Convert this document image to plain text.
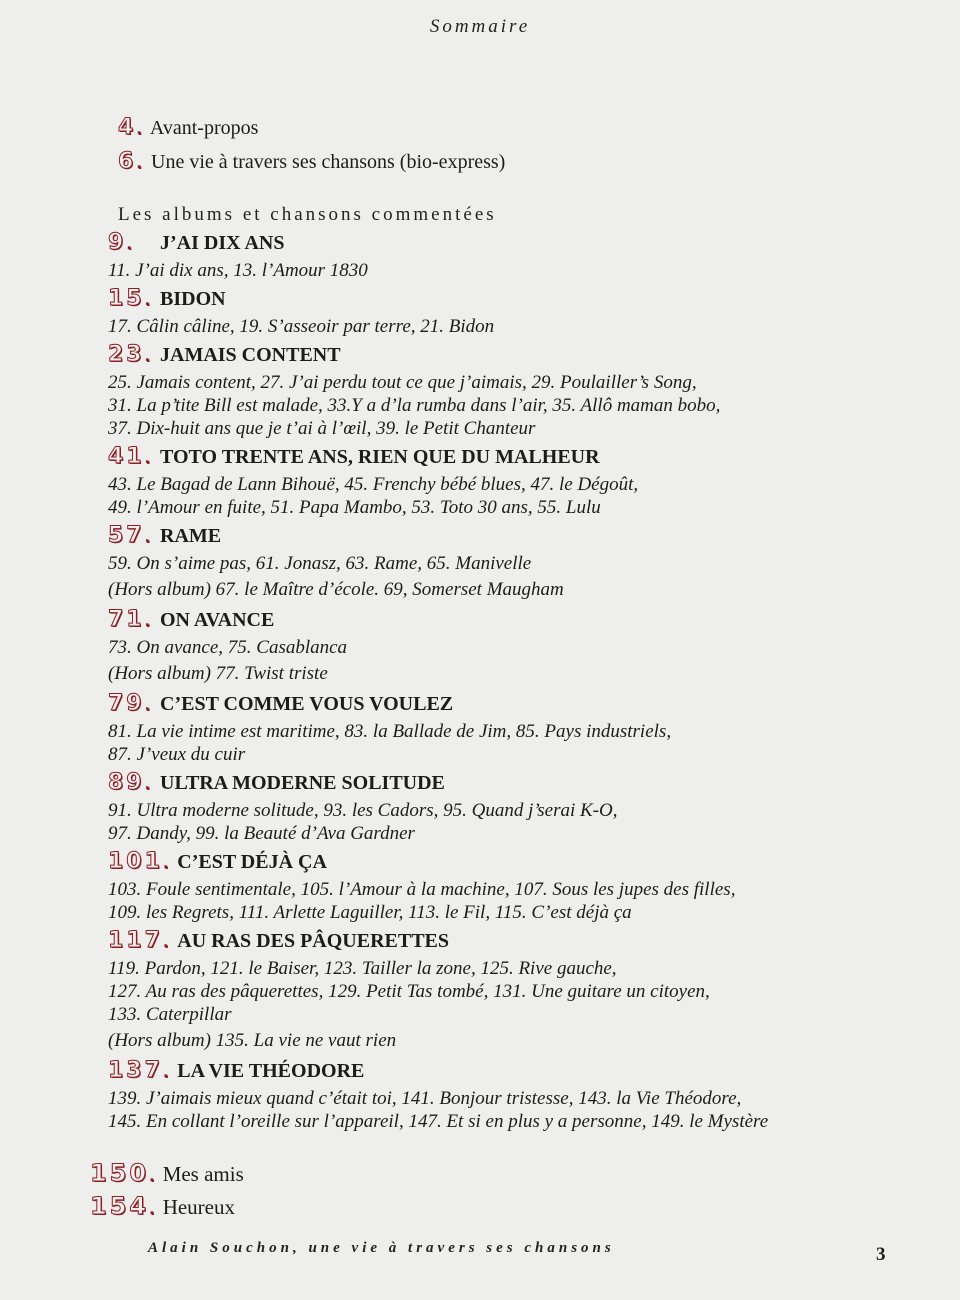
Sommaire
4. Avant-propos
6. Une vie à travers ses chansons (bio-express)
Les albums et chansons commentées
9. J’AI DIX ANS
11. J’ai dix ans, 13. l’Amour 1830
15. BIDON
17. Câlin câline, 19. S’asseoir par terre, 21. Bidon
23. JAMAIS CONTENT
25. Jamais content, 27. J’ai perdu tout ce que j’aimais, 29. Poulailler’s Song,
31. La p’tite Bill est malade, 33.Y a d’la rumba dans l’air, 35. Allô maman bobo,
37. Dix-huit ans que je t’ai à l’œil, 39. le Petit Chanteur
41. TOTO TRENTE ANS, RIEN QUE DU MALHEUR
43. Le Bagad de Lann Bihouë, 45. Frenchy bébé blues, 47. le Dégoût,
49. l’Amour en fuite, 51. Papa Mambo, 53. Toto 30 ans, 55. Lulu
57. RAME
59. On s’aime pas, 61. Jonasz, 63. Rame, 65. Manivelle
(Hors album) 67. le Maître d’école. 69, Somerset Maugham
71. ON AVANCE
73. On avance, 75. Casablanca
(Hors album) 77. Twist triste
79. C’EST COMME VOUS VOULEZ
81. La vie intime est maritime, 83. la Ballade de Jim, 85. Pays industriels,
87. J’veux du cuir
89. ULTRA MODERNE SOLITUDE
91. Ultra moderne solitude, 93. les Cadors, 95. Quand j’serai K-O,
97. Dandy, 99. la Beauté d’Ava Gardner
101. C’EST DÉJÀ ÇA
103. Foule sentimentale, 105. l’Amour à la machine, 107. Sous les jupes des filles,
109. les Regrets, 111. Arlette Laguiller, 113. le Fil, 115. C’est déjà ça
117. AU RAS DES PÂQUERETTES
119. Pardon, 121. le Baiser, 123. Tailler la zone, 125. Rive gauche,
127. Au ras des pâquerettes, 129. Petit Tas tombé, 131. Une guitare un citoyen,
133. Caterpillar
(Hors album) 135. La vie ne vaut rien
137. LA VIE THÉODORE
139. J’aimais mieux quand c’était toi, 141. Bonjour tristesse, 143. la Vie Théodore,
145. En collant l’oreille sur l’appareil, 147. Et si en plus y a personne, 149. le Mystère
150. Mes amis
154. Heureux
Alain Souchon, une vie à travers ses chansons	3
